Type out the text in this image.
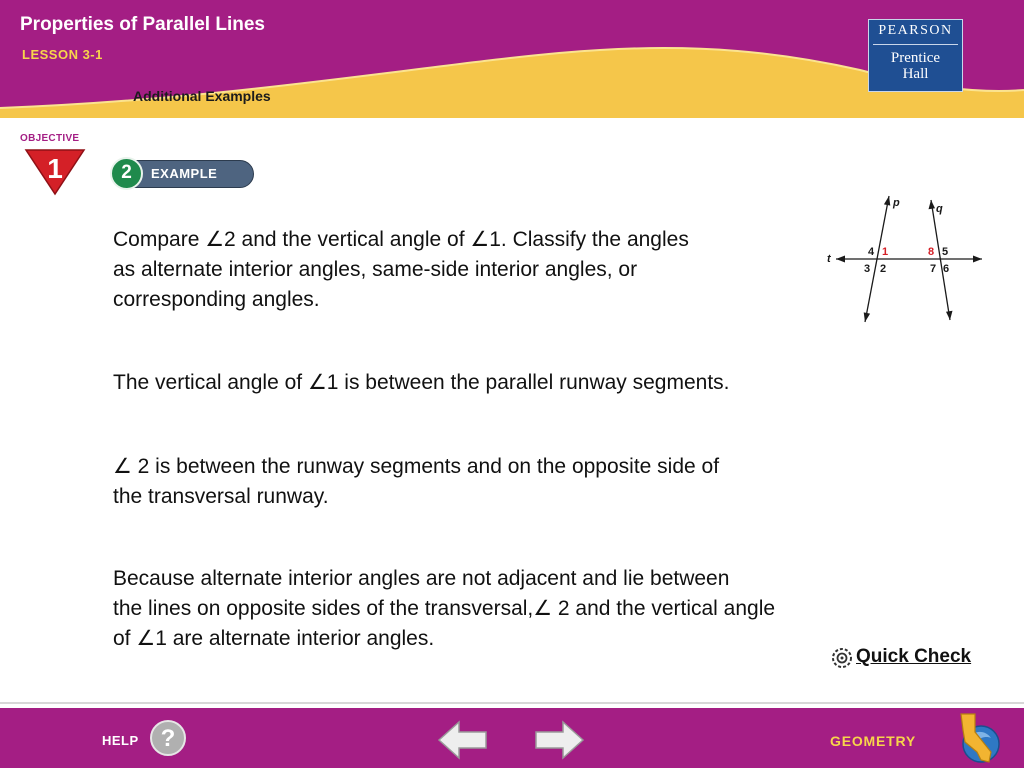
Properties of Parallel Lines
LESSON 3-1
Additional Examples
PEARSON
Prentice
Hall
OBJECTIVE
1	EXAMPLE
2
p	q
t
4 1
3 2
8 5
7 6
Compare ∠2 and the vertical angle of ∠1. Classify the angles
as alternate interior angles, same-side interior angles, or
corresponding angles.
The vertical angle of ∠1 is between the parallel runway segments.
∠ 2 is between the runway segments and on the opposite side of
the transversal runway.
Because alternate interior angles are not adjacent and lie between
the lines on opposite sides of the transversal,∠ 2 and the vertical angle
of ∠1 are alternate interior angles.
Quick Check
HELP ?	GEOMETRY
